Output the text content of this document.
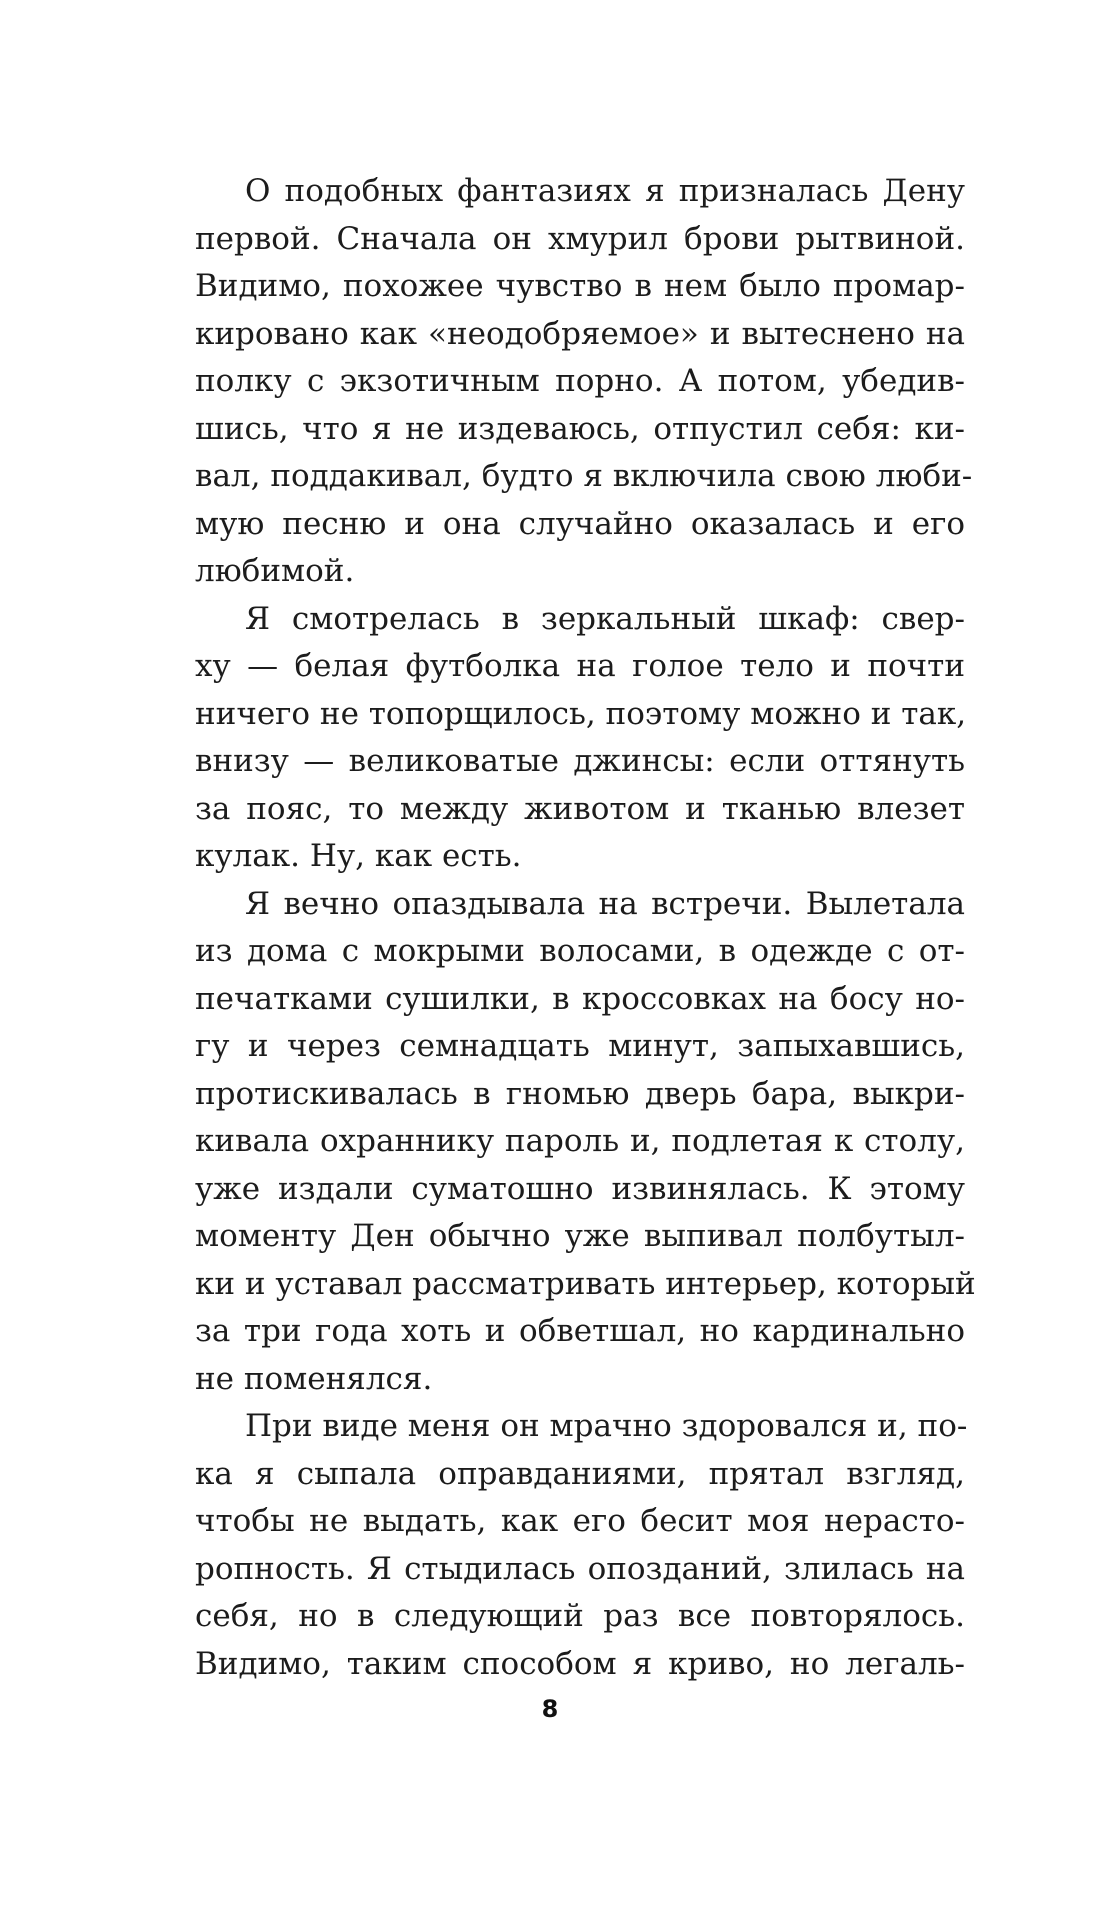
О подобных фантазиях я призналась Дену
первой. Сначала он хмурил брови рытвиной.
Видимо, похожее чувство в нем было промар-
кировано как «неодобряемое» и вытеснено на
полку с экзотичным порно. А потом, убедив-
шись, что я не издеваюсь, отпустил себя: ки-
вал, поддакивал, будто я включила свою люби-
мую песню и она случайно оказалась и его
любимой.
Я смотрелась в зеркальный шкаф: свер-
ху — белая футболка на голое тело и почти
ничего не топорщилось, поэтому можно и так,
внизу — великоватые джинсы: если оттянуть
за пояс, то между животом и тканью влезет
кулак. Ну, как есть.
Я вечно опаздывала на встречи. Вылетала
из дома с мокрыми волосами, в одежде с от-
печатками сушилки, в кроссовках на босу но-
гу и через семнадцать минут, запыхавшись,
протискивалась в гномью дверь бара, выкри-
кивала охраннику пароль и, подлетая к столу,
уже издали суматошно извинялась. К этому
моменту Ден обычно уже выпивал полбутыл-
ки и уставал рассматривать интерьер, который
за три года хоть и обветшал, но кардинально
не поменялся.
При виде меня он мрачно здоровался и, по-
ка я сыпала оправданиями, прятал взгляд,
чтобы не выдать, как его бесит моя нерасто-
ропность. Я стыдилась опозданий, злилась на
себя, но в следующий раз все повторялось.
Видимо, таким способом я криво, но легаль-
8
